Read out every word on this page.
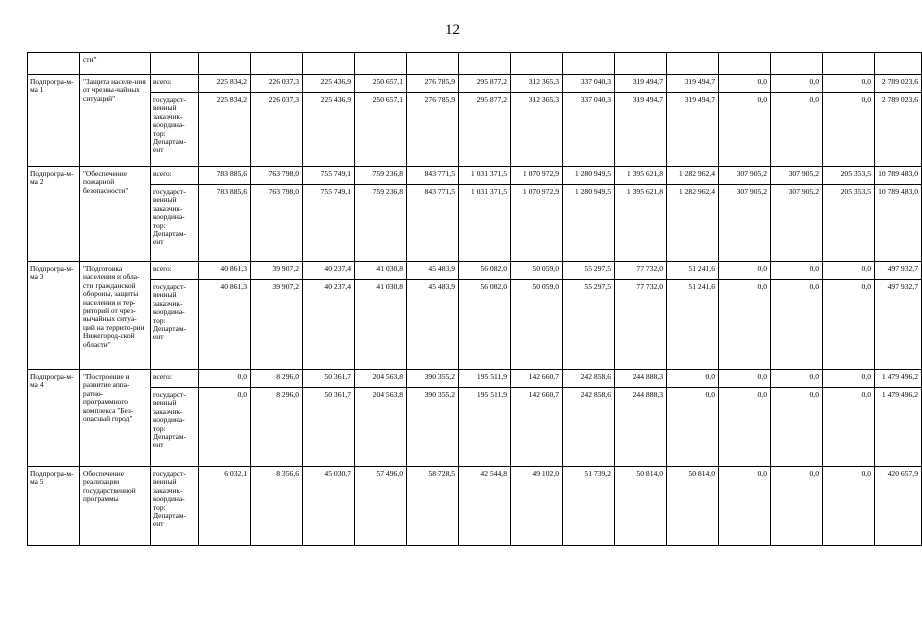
12
	сти"															
Подпрогра-м-ма 1	"Защита населе-ния от чрезвы-чайных ситуаций"	всего:	225 834,2	226 037,3	225 436,9	250 657,1	276 785,9	295 877,2	312 365,3	337 040,3	319 494,7	319 494,7	0,0	0,0	0,0	2 789 023,6
		государст-венный заказчик-координа-тор: Департам-ент	225 834,2	226 037,3	225 436,9	250 657,1	276 785,9	295 877,2	312 365,3	337 040,3	319 494,7	319 494,7	0,0	0,0	0,0	2 789 023,6
Подпрогра-м-ма 2	"Обеспечение пожарной безопасности"	всего:	783 885,6	763 798,0	755 749,1	759 236,8	843 771,5	1 031 371,5	1 070 972,9	1 280 949,5	1 395 621,8	1 282 962,4	307 905,2	307 905,2	205 353,5	10 789 483,0
		государст-венный заказчик-координа-тор: Департам-ент	783 885,6	763 798,0	755 749,1	759 236,8	843 771,5	1 031 371,5	1 070 972,9	1 280 949,5	1 395 621,8	1 282 962,4	307 905,2	307 905,2	205 353,5	10 789 483,0
Подпрогра-м-ма 3	"Подготовка населения и обла-сти гражданской обороны, защиты населения и тер-риторий от чрез-вычайных ситуа-ций на террито-рии Нижегород-ской области"	всего:	40 861,3	39 907,2	40 237,4	41 030,8	45 483,9	56 082,0	50 059,0	55 297,5	77 732,0	51 241,6	0,0	0,0	0,0	497 932,7
		государст-венный заказчик-координа-тор: Департам-ент	40 861,3	39 907,2	40 237,4	41 030,8	45 483,9	56 082,0	50 059,0	55 297,5	77 732,0	51 241,6	0,0	0,0	0,0	497 932,7
Подпрогра-м-ма 4	"Построение и развитие аппа-ратно-программного комплекса "Без-опасный город"	всего:	0,0	8 296,0	50 361,7	204 563,8	390 355,2	195 511,9	142 660,7	242 858,6	244 888,3	0,0	0,0	0,0	0,0	1 479 496,2
		государст-венный заказчик-координа-тор: Департам-ент	0,0	8 296,0	50 361,7	204 563,8	390 355,2	195 511,9	142 660,7	242 858,6	244 888,3	0,0	0,0	0,0	0,0	1 479 496,2
Подпрогра-м-ма 5	Обеспечение реализации государственной программы	государст-венный заказчик-координа-тор: Департам-ент	6 032,1	8 356,6	45 030,7	57 496,0	58 728,5	42 544,8	49 102,0	51 739,2	50 814,0	50 814,0	0,0	0,0	0,0	420 657,9
